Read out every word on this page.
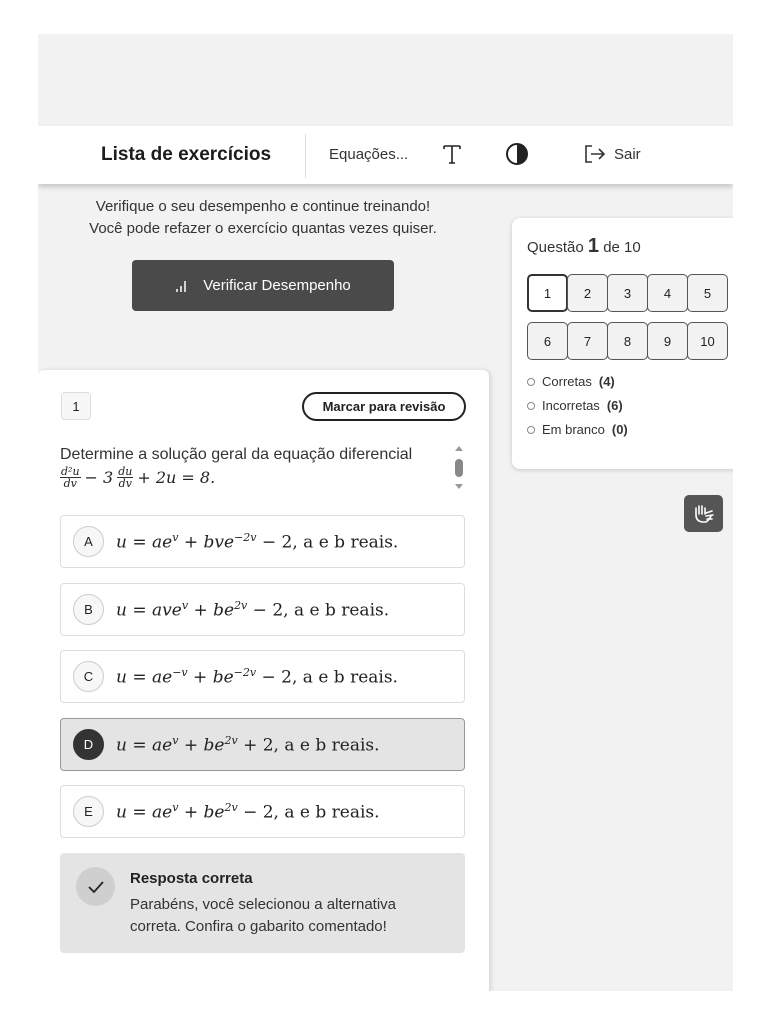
Lista de exercícios	Equações...	Sair
Verifique o seu desempenho e continue treinando!
Você pode refazer o exercício quantas vezes quiser.
Verificar Desempenho
1	Marcar para revisão
Determine a solução geral da equação diferencial
$\frac{\text{d²u}}{dv} - 3 \frac{du}{dv} + 2u = 8$.
A	$u = ae^v + bve^{-2v} - 2$, a e b reais.
B	$u = ave^v + be^{2v} - 2$, a e b reais.
C	$u = ae^{-v} + be^{-2v} - 2$, a e b reais.
D	$u = ae^v + be^{2v} + 2$, a e b reais.
E	$u = ae^v + be^{2v} - 2$, a e b reais.
Resposta correta
Parabéns, você selecionou a alternativa correta. Confira o gabarito comentado!
Questão 1 de 10
1	2	3	4	5
6	7	8	9	10
Corretas (4)
Incorretas (6)
Em branco (0)
